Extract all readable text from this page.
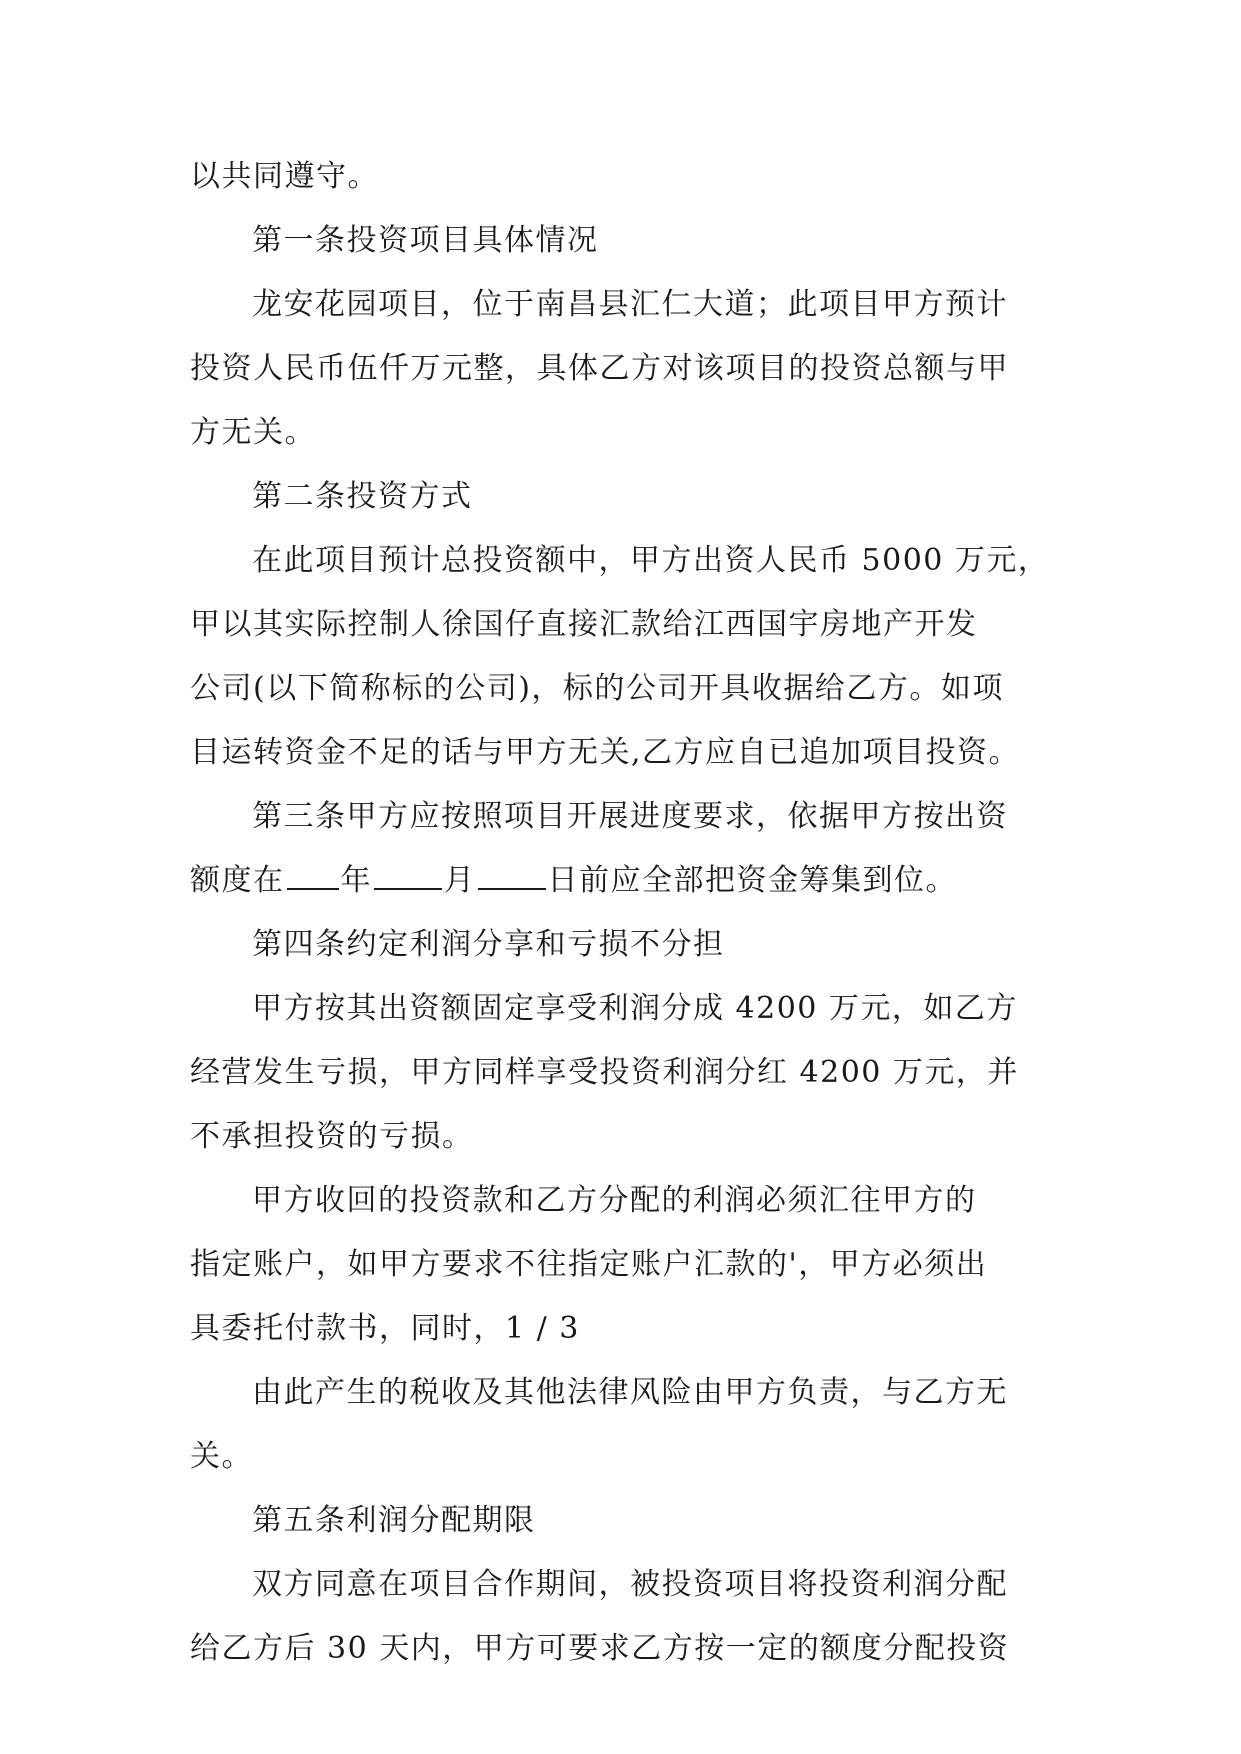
以共同遵守。
第一条投资项目具体情况
龙安花园项目，位于南昌县汇仁大道；此项目甲方预计
投资人民币伍仟万元整，具体乙方对该项目的投资总额与甲
方无关。
第二条投资方式
在此项目预计总投资额中，甲方出资人民币 5000 万元，
甲以其实际控制人徐国仔直接汇款给江西国宇房地产开发
公司(以下简称标的公司)，标的公司开具收据给乙方。如项
目运转资金不足的话与甲方无关,乙方应自已追加项目投资。
第三条甲方应按照项目开展进度要求，依据甲方按出资
额度在 年 月 日前应全部把资金筹集到位。
第四条约定利润分享和亏损不分担
甲方按其出资额固定享受利润分成 4200 万元，如乙方
经营发生亏损，甲方同样享受投资利润分红 4200 万元，并
不承担投资的亏损。
甲方收回的投资款和乙方分配的利润必须汇往甲方的
指定账户，如甲方要求不往指定账户汇款的'，甲方必须出
具委托付款书，同时，1 / 3
由此产生的税收及其他法律风险由甲方负责，与乙方无
关。
第五条利润分配期限
双方同意在项目合作期间，被投资项目将投资利润分配
给乙方后 30 天内，甲方可要求乙方按一定的额度分配投资
